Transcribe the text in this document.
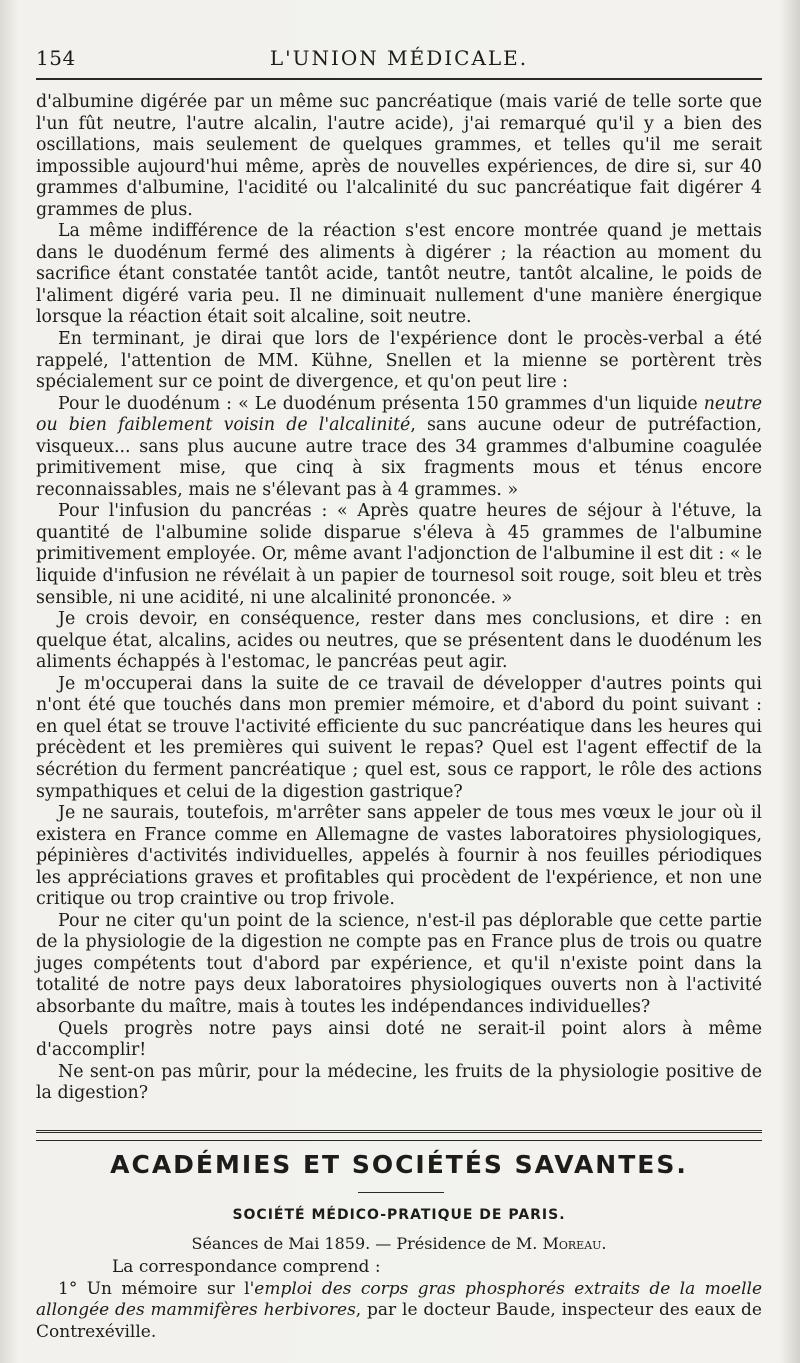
154	L'UNION MÉDICALE.

d'albumine digérée par un même suc pancréatique (mais varié de telle sorte que l'un fût neutre, l'autre alcalin, l'autre acide), j'ai remarqué qu'il y a bien des oscillations, mais seulement de quelques grammes, et telles qu'il me serait impossible aujourd'hui même, après de nouvelles expériences, de dire si, sur 40 grammes d'albumine, l'acidité ou l'alcalinité du suc pancréatique fait digérer 4 grammes de plus.

La même indifférence de la réaction s'est encore montrée quand je mettais dans le duodénum fermé des aliments à digérer ; la réaction au moment du sacrifice étant constatée tantôt acide, tantôt neutre, tantôt alcaline, le poids de l'aliment digéré varia peu. Il ne diminuait nullement d'une manière énergique lorsque la réaction était soit alcaline, soit neutre.

En terminant, je dirai que lors de l'expérience dont le procès-verbal a été rappelé, l'attention de MM. Kühne, Snellen et la mienne se portèrent très spécialement sur ce point de divergence, et qu'on peut lire :

Pour le duodénum : « Le duodénum présenta 150 grammes d'un liquide neutre ou bien faiblement voisin de l'alcalinité, sans aucune odeur de putréfaction, visqueux... sans plus aucune autre trace des 34 grammes d'albumine coagulée primitivement mise, que cinq à six fragments mous et ténus encore reconnaissables, mais ne s'élevant pas à 4 grammes. »

Pour l'infusion du pancréas : « Après quatre heures de séjour à l'étuve, la quantité de l'albumine solide disparue s'éleva à 45 grammes de l'albumine primitivement employée. Or, même avant l'adjonction de l'albumine il est dit : « le liquide d'infusion ne révélait à un papier de tournesol soit rouge, soit bleu et très sensible, ni une acidité, ni une alcalinité prononcée. »

Je crois devoir, en conséquence, rester dans mes conclusions, et dire : en quelque état, alcalins, acides ou neutres, que se présentent dans le duodénum les aliments échappés à l'estomac, le pancréas peut agir.

Je m'occuperai dans la suite de ce travail de développer d'autres points qui n'ont été que touchés dans mon premier mémoire, et d'abord du point suivant : en quel état se trouve l'activité efficiente du suc pancréatique dans les heures qui précèdent et les premières qui suivent le repas? Quel est l'agent effectif de la sécrétion du ferment pancréatique ; quel est, sous ce rapport, le rôle des actions sympathiques et celui de la digestion gastrique?

Je ne saurais, toutefois, m'arrêter sans appeler de tous mes vœux le jour où il existera en France comme en Allemagne de vastes laboratoires physiologiques, pépinières d'activités individuelles, appelés à fournir à nos feuilles périodiques les appréciations graves et profitables qui procèdent de l'expérience, et non une critique ou trop craintive ou trop frivole.

Pour ne citer qu'un point de la science, n'est-il pas déplorable que cette partie de la physiologie de la digestion ne compte pas en France plus de trois ou quatre juges compétents tout d'abord par expérience, et qu'il n'existe point dans la totalité de notre pays deux laboratoires physiologiques ouverts non à l'activité absorbante du maître, mais à toutes les indépendances individuelles?

Quels progrès notre pays ainsi doté ne serait-il point alors à même d'accomplir!

Ne sent-on pas mûrir, pour la médecine, les fruits de la physiologie positive de la digestion?

ACADÉMIES ET SOCIÉTÉS SAVANTES.
SOCIÉTÉ MÉDICO-PRATIQUE DE PARIS.
Séances de Mai 1859. — Présidence de M. Moreau.

La correspondance comprend :

1° Un mémoire sur l'emploi des corps gras phosphorés extraits de la moelle allongée des mammifères herbivores, par le docteur Baude, inspecteur des eaux de Contrexéville.
